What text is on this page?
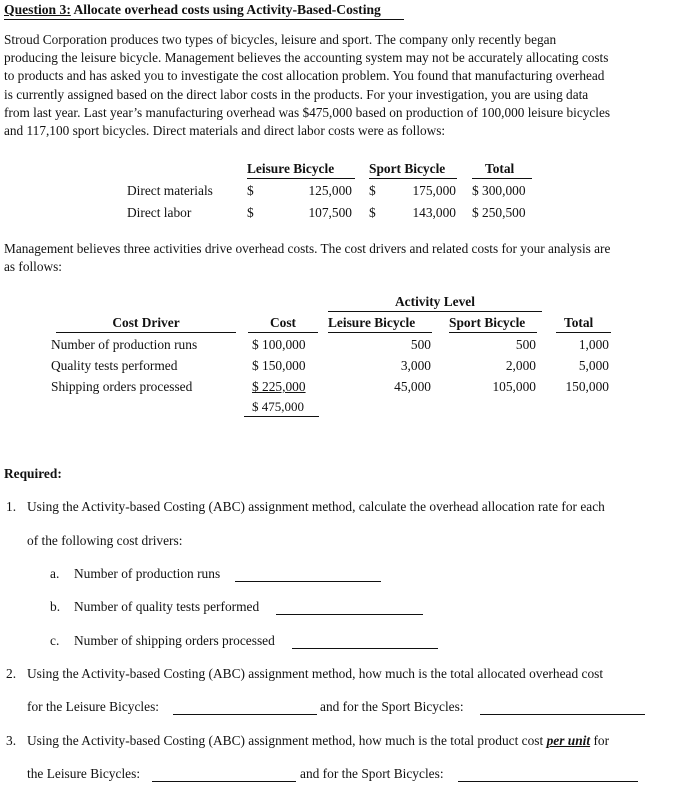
Question 3: Allocate overhead costs using Activity-Based-Costing
Stroud Corporation produces two types of bicycles, leisure and sport. The company only recently began
producing the leisure bicycle. Management believes the accounting system may not be accurately allocating costs
to products and has asked you to investigate the cost allocation problem. You found that manufacturing overhead
is currently assigned based on the direct labor costs in the products. For your investigation, you are using data
from last year. Last year’s manufacturing overhead was $475,000 based on production of 100,000 leisure bicycles
and 117,100 sport bicycles. Direct materials and direct labor costs were as follows:
Leisure Bicycle	Sport Bicycle	Total
Direct materials	$	125,000 $	175,000 $ 300,000
Direct labor	$	107,500 $	143,000 $ 250,500
Management believes three activities drive overhead costs. The cost drivers and related costs for your analysis are
as follows:
Activity Level
Cost Driver	Cost	Leisure Bicycle	Sport Bicycle	Total
Number of production runs	$ 100,000	500	500	1,000
Quality tests performed	$ 150,000	3,000	2,000	5,000
Shipping orders processed	$ 225,000	45,000	105,000	150,000
$ 475,000
Required:
1. Using the Activity-based Costing (ABC) assignment method, calculate the overhead allocation rate for each
of the following cost drivers:
a. Number of production runs
b. Number of quality tests performed
c. Number of shipping orders processed
2. Using the Activity-based Costing (ABC) assignment method, how much is the total allocated overhead cost
for the Leisure Bicycles:	and for the Sport Bicycles:
3. Using the Activity-based Costing (ABC) assignment method, how much is the total product cost per unit for
the Leisure Bicycles:	and for the Sport Bicycles:
